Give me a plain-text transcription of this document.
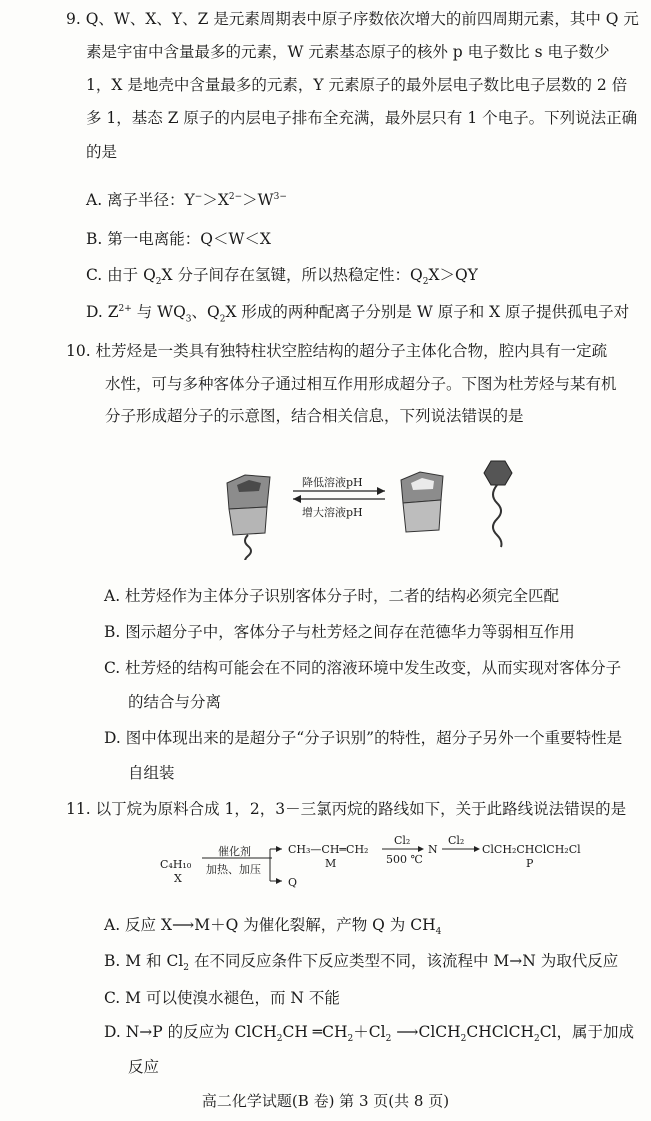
9. Q、W、X、Y、Z 是元素周期表中原子序数依次增大的前四周期元素，其中 Q 元
素是宇宙中含量最多的元素，W 元素基态原子的核外 p 电子数比 s 电子数少
1，X 是地壳中含量最多的元素，Y 元素原子的最外层电子数比电子层数的 2 倍
多 1，基态 Z 原子的内层电子排布全充满，最外层只有 1 个电子。下列说法正确
的是
A. 离子半径：$Y^->X^{2-}>W^{3-}$
B. 第一电离能：Q＜W＜X
C. 由于 $Q_2X$ 分子间存在氢键，所以热稳定性：$Q_2X>QY$
D. $Z^{2+}$ 与 $WQ_3$、$Q_2X$ 形成的两种配离子分别是 W 原子和 X 原子提供孤电子对
10. 杜芳烃是一类具有独特柱状空腔结构的超分子主体化合物，腔内具有一定疏
水性，可与多种客体分子通过相互作用形成超分子。下图为杜芳烃与某有机
分子形成超分子的示意图，结合相关信息，下列说法错误的是
降低溶液pH
增大溶液pH
A. 杜芳烃作为主体分子识别客体分子时，二者的结构必须完全匹配
B. 图示超分子中，客体分子与杜芳烃之间存在范德华力等弱相互作用
C. 杜芳烃的结构可能会在不同的溶液环境中发生改变，从而实现对客体分子
的结合与分离
D. 图中体现出来的是超分子“分子识别”的特性，超分子另外一个重要特性是
自组装
11. 以丁烷为原料合成 1，2，3－三氯丙烷的路线如下，关于此路线说法错误的是
C₄H₁₀
X
催化剂
加热、加压
CH₃—CH═CH₂
M
Q
Cl₂
500 ℃
N
Cl₂
ClCH₂CHClCH₂Cl
P
A. 反应 X⟶M＋Q 为催化裂解，产物 Q 为 $CH_4$
B. M 和 $Cl_2$ 在不同反应条件下反应类型不同，该流程中 M→N 为取代反应
C. M 可以使溴水褪色，而 N 不能
D. N→P 的反应为 ClCH$_2$CH $═CH_2+Cl_2$ ⟶ClCH$_2$CHClCH$_2$Cl，属于加成
反应
高二化学试题(B 卷) 第 3 页(共 8 页)
